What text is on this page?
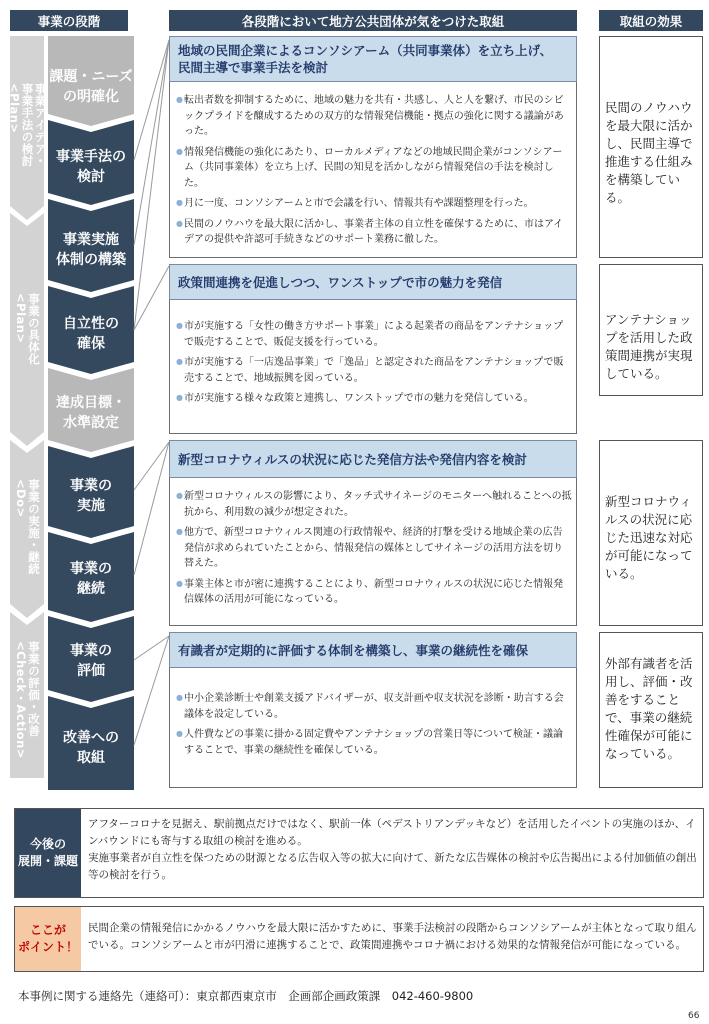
事業の段階	各段階において地方公共団体が気をつけた取組	取組の効果
事業アイデア・
事業手法の検討
<Plan>
事業の具体化
<Plan>
事業の実施・継続
<Do>
事業の評価・改善
<Check・Action>
課題・ニーズ
の明確化
事業手法の
検討
事業実施
体制の構築
自立性の
確保
達成目標・
水準設定
事業の
実施
事業の
継続
事業の
評価
改善への
取組
地域の民間企業によるコンソシアーム（共同事業体）を立ち上げ、
民間主導で事業手法を検討

● 転出者数を抑制するために、地域の魅力を共有・共感し、人と人を繋げ、市民のシビックプライドを醸成するための双方的な情報発信機能・拠点の強化に関する議論があった。

● 情報発信機能の強化にあたり、ローカルメディアなどの地域民間企業がコンソシアーム（共同事業体）を立ち上げ、民間の知見を活かしながら情報発信の手法を検討した。

● 月に一度、コンソシアームと市で会議を行い、情報共有や課題整理を行った。

● 民間のノウハウを最大限に活かし、事業者主体の自立性を確保するために、市はアイデアの提供や許認可手続きなどのサポート業務に徹した。

民間のノウハウを最大限に活かし、民間主導で推進する仕組みを構築している。
政策間連携を促進しつつ、ワンストップで市の魅力を発信

● 市が実施する「女性の働き方サポート事業」による起業者の商品をアンテナショップで販売することで、販促支援を行っている。

● 市が実施する「一店逸品事業」で「逸品」と認定された商品をアンテナショップで販売することで、地域振興を図っている。

● 市が実施する様々な政策と連携し、ワンストップで市の魅力を発信している。

アンテナショップを活用した政策間連携が実現している。
新型コロナウィルスの状況に応じた発信方法や発信内容を検討

● 新型コロナウィルスの影響により、タッチ式サイネージのモニターへ触れることへの抵抗から、利用数の減少が想定された。

● 他方で、新型コロナウィルス関連の行政情報や、経済的打撃を受ける地域企業の広告発信が求められていたことから、情報発信の媒体としてサイネージの活用方法を切り替えた。

● 事業主体と市が密に連携することにより、新型コロナウィルスの状況に応じた情報発信媒体の活用が可能になっている。

新型コロナウィルスの状況に応じた迅速な対応が可能になっている。
有識者が定期的に評価する体制を構築し、事業の継続性を確保

● 中小企業診断士や創業支援アドバイザーが、収支計画や収支状況を診断・助言する会議体を設定している。

● 人件費などの事業に掛かる固定費やアンテナショップの営業日等について検証・議論することで、事業の継続性を確保している。

外部有識者を活用し、評価・改善をすることで、事業の継続性確保が可能になっている。
今後の
展開・課題

アフターコロナを見据え、駅前拠点だけではなく、駅前一体（ペデストリアンデッキなど）を活用したイベントの実施のほか、インバウンドにも寄与する取組の検討を進める。

実施事業者が自立性を保つための財源となる広告収入等の拡大に向けて、新たな広告媒体の検討や広告掲出による付加価値の創出等の検討を行う。

ここが
ポイント！
民間企業の情報発信にかかるノウハウを最大限に活かすために、事業手法検討の段階からコンソシアームが主体となって取り組んでいる。コンソシアームと市が円滑に連携することで、政策間連携やコロナ禍における効果的な情報発信が可能になっている。
本事例に関する連絡先（連絡可）：東京都西東京市　企画部企画政策課　042-460-9800
66
